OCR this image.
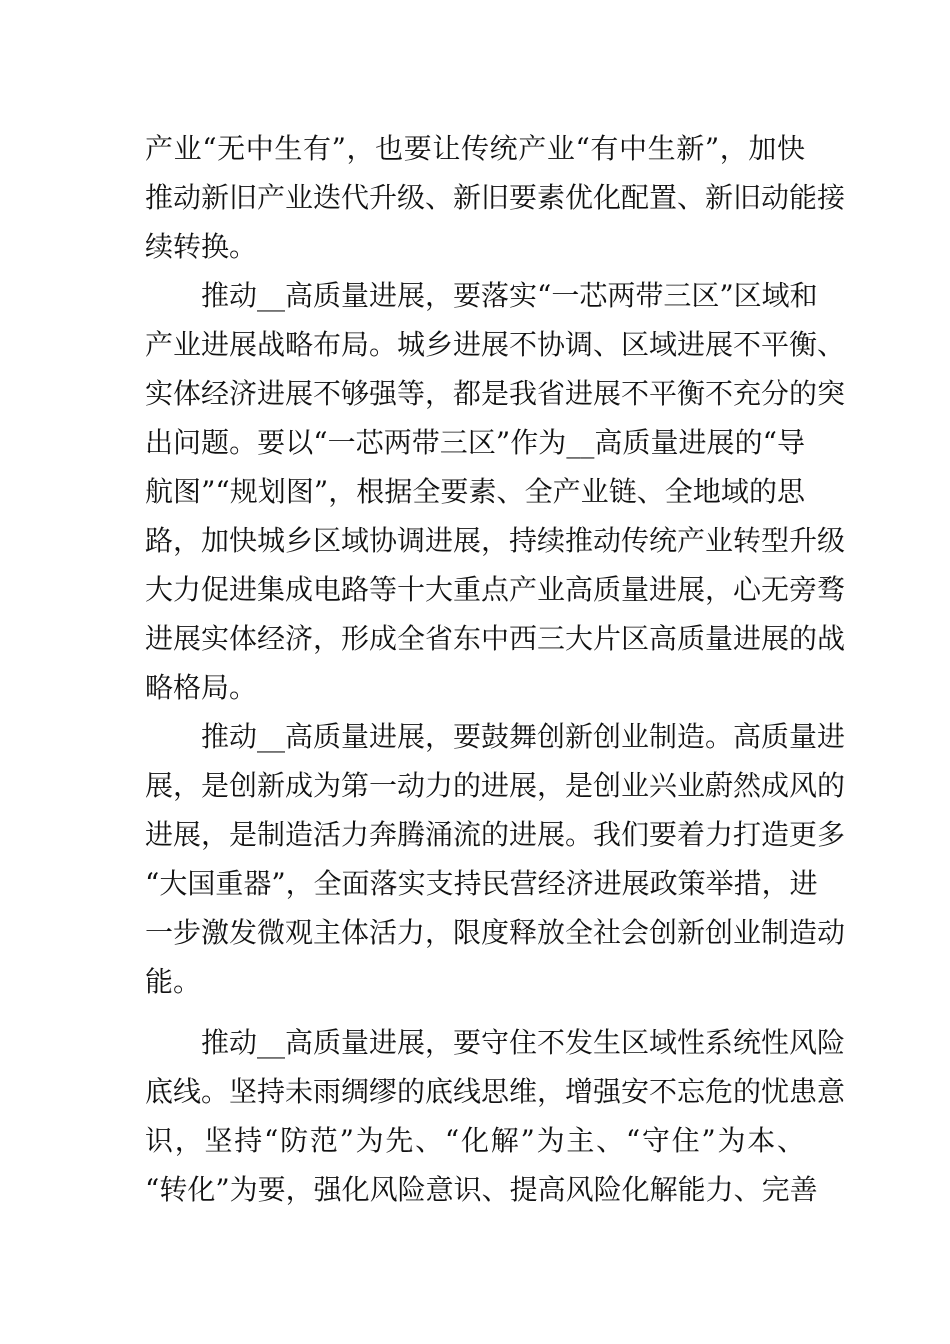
产业“无中生有”，也要让传统产业“有中生新”，加快
推动新旧产业迭代升级、新旧要素优化配置、新旧动能接
续转换。
推动__高质量进展，要落实“一芯两带三区”区域和
产业进展战略布局。城乡进展不协调、区域进展不平衡、
实体经济进展不够强等，都是我省进展不平衡不充分的突
出问题。要以“一芯两带三区”作为__高质量进展的“导
航图”“规划图”，根据全要素、全产业链、全地域的思
路，加快城乡区域协调进展，持续推动传统产业转型升级
大力促进集成电路等十大重点产业高质量进展，心无旁骛
进展实体经济，形成全省东中西三大片区高质量进展的战
略格局。
推动__高质量进展，要鼓舞创新创业制造。高质量进
展，是创新成为第一动力的进展，是创业兴业蔚然成风的
进展，是制造活力奔腾涌流的进展。我们要着力打造更多
“大国重器”，全面落实支持民营经济进展政策举措，进
一步激发微观主体活力，限度释放全社会创新创业制造动
能。
推动__高质量进展，要守住不发生区域性系统性风险
底线。坚持未雨绸缪的底线思维，增强安不忘危的忧患意
识，坚持“防范”为先、“化解”为主、“守住”为本、
“转化”为要，强化风险意识、提高风险化解能力、完善
